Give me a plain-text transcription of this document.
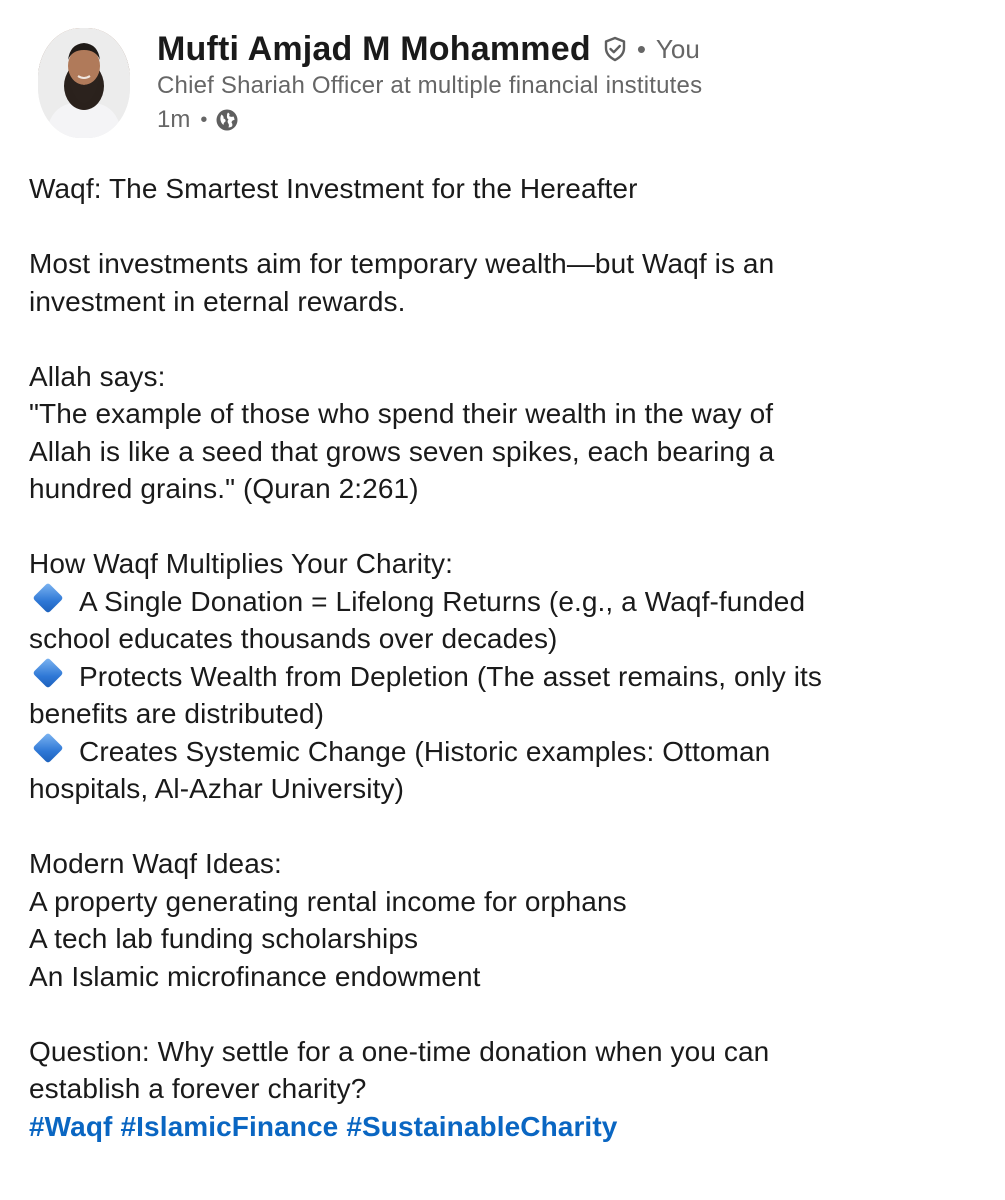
Mufti Amjad M Mohammed • You
Chief Shariah Officer at multiple financial institutes
1m •
Waqf: The Smartest Investment for the Hereafter
Most investments aim for temporary wealth—but Waqf is an
investment in eternal rewards.
Allah says:
"The example of those who spend their wealth in the way of
Allah is like a seed that grows seven spikes, each bearing a
hundred grains." (Quran 2:261)
How Waqf Multiplies Your Charity:
A Single Donation = Lifelong Returns (e.g., a Waqf-funded
school educates thousands over decades)
Protects Wealth from Depletion (The asset remains, only its
benefits are distributed)
Creates Systemic Change (Historic examples: Ottoman
hospitals, Al-Azhar University)
Modern Waqf Ideas:
A property generating rental income for orphans
A tech lab funding scholarships
An Islamic microfinance endowment
Question: Why settle for a one-time donation when you can
establish a forever charity?
#Waqf #IslamicFinance #SustainableCharity
